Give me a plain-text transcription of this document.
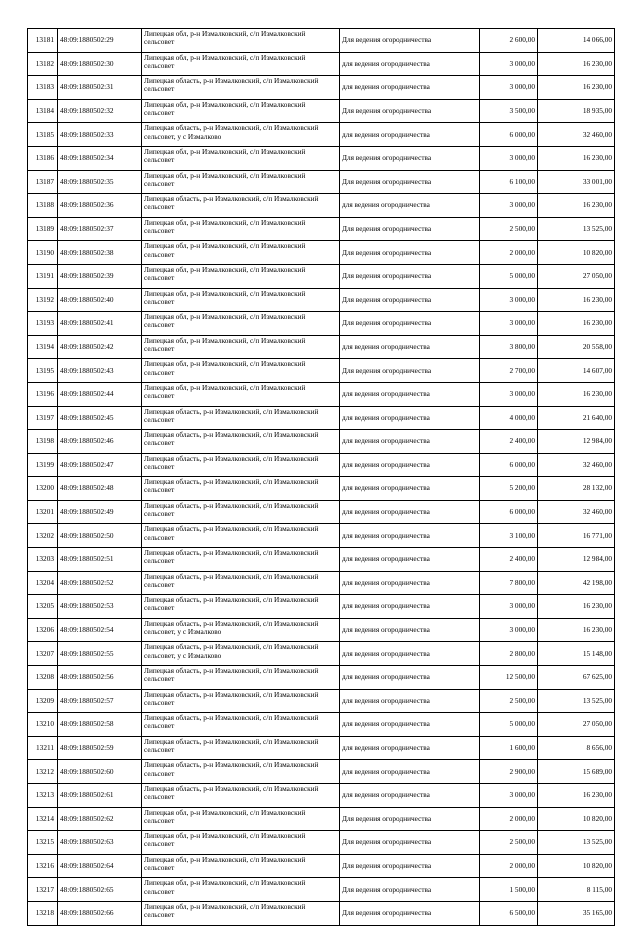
13181	48:09:1880502:29	Липецкая обл, р-н Измалковский, с/п Измалковский сельсовет	Для ведения огородничества	2 600,00	14 066,00
13182	48:09:1880502:30	Липецкая обл, р-н Измалковский, с/п Измалковский сельсовет	для ведения огородничества	3 000,00	16 230,00
13183	48:09:1880502:31	Липецкая область, р-н Измалковский, с/п Измалковский сельсовет	для ведения огородничества	3 000,00	16 230,00
13184	48:09:1880502:32	Липецкая обл, р-н Измалковский, с/п Измалковский сельсовет	Для ведения огородничества	3 500,00	18 935,00
13185	48:09:1880502:33	Липецкая область, р-н Измалковский, с/п Измалковский сельсовет, у с Измалково	для ведения огородничества	6 000,00	32 460,00
13186	48:09:1880502:34	Липецкая обл, р-н Измалковский, с/п Измалковский сельсовет	Для ведения огородничества	3 000,00	16 230,00
13187	48:09:1880502:35	Липецкая обл, р-н Измалковский, с/п Измалковский сельсовет	Для ведения огородничества	6 100,00	33 001,00
13188	48:09:1880502:36	Липецкая область, р-н Измалковский, с/п Измалковский сельсовет	для ведения огородничества	3 000,00	16 230,00
13189	48:09:1880502:37	Липецкая обл, р-н Измалковский, с/п Измалковский сельсовет	Для ведения огородничества	2 500,00	13 525,00
13190	48:09:1880502:38	Липецкая обл, р-н Измалковский, с/п Измалковский сельсовет	Для ведения огородничества	2 000,00	10 820,00
13191	48:09:1880502:39	Липецкая обл, р-н Измалковский, с/п Измалковский сельсовет	Для ведения огородничества	5 000,00	27 050,00
13192	48:09:1880502:40	Липецкая обл, р-н Измалковский, с/п Измалковский сельсовет	Для ведения огородничества	3 000,00	16 230,00
13193	48:09:1880502:41	Липецкая обл, р-н Измалковский, с/п Измалковский сельсовет	Для ведения огородничества	3 000,00	16 230,00
13194	48:09:1880502:42	Липецкая обл, р-н Измалковский, с/п Измалковский сельсовет	для ведения огородничества	3 800,00	20 558,00
13195	48:09:1880502:43	Липецкая обл, р-н Измалковский, с/п Измалковский сельсовет	Для ведения огородничества	2 700,00	14 607,00
13196	48:09:1880502:44	Липецкая обл, р-н Измалковский, с/п Измалковский сельсовет	для ведения огородничества	3 000,00	16 230,00
13197	48:09:1880502:45	Липецкая область, р-н Измалковский, с/п Измалковский сельсовет	для ведения огородничества	4 000,00	21 640,00
13198	48:09:1880502:46	Липецкая область, р-н Измалковский, с/п Измалковский сельсовет	для ведения огородничества	2 400,00	12 984,00
13199	48:09:1880502:47	Липецкая область, р-н Измалковский, с/п Измалковский сельсовет	для ведения огородничества	6 000,00	32 460,00
13200	48:09:1880502:48	Липецкая область, р-н Измалковский, с/п Измалковский сельсовет	для ведения огородничества	5 200,00	28 132,00
13201	48:09:1880502:49	Липецкая область, р-н Измалковский, с/п Измалковский сельсовет	для ведения огородничества	6 000,00	32 460,00
13202	48:09:1880502:50	Липецкая область, р-н Измалковский, с/п Измалковский сельсовет	для ведения огородничества	3 100,00	16 771,00
13203	48:09:1880502:51	Липецкая область, р-н Измалковский, с/п Измалковский сельсовет	для ведения огородничества	2 400,00	12 984,00
13204	48:09:1880502:52	Липецкая область, р-н Измалковский, с/п Измалковский сельсовет	для ведения огородничества	7 800,00	42 198,00
13205	48:09:1880502:53	Липецкая область, р-н Измалковский, с/п Измалковский сельсовет	для ведения огородничества	3 000,00	16 230,00
13206	48:09:1880502:54	Липецкая область, р-н Измалковский, с/п Измалковский сельсовет, у с Измалково	для ведения огородничества	3 000,00	16 230,00
13207	48:09:1880502:55	Липецкая область, р-н Измалковский, с/п Измалковский сельсовет, у с Измалково	для ведения огородничества	2 800,00	15 148,00
13208	48:09:1880502:56	Липецкая область, р-н Измалковский, с/п Измалковский сельсовет	для ведения огородничества	12 500,00	67 625,00
13209	48:09:1880502:57	Липецкая область, р-н Измалковский, с/п Измалковский сельсовет	для ведения огородничества	2 500,00	13 525,00
13210	48:09:1880502:58	Липецкая область, р-н Измалковский, с/п Измалковский сельсовет	для ведения огородничества	5 000,00	27 050,00
13211	48:09:1880502:59	Липецкая область, р-н Измалковский, с/п Измалковский сельсовет	для ведения огородничества	1 600,00	8 656,00
13212	48:09:1880502:60	Липецкая область, р-н Измалковский, с/п Измалковский сельсовет	для ведения огородничества	2 900,00	15 689,00
13213	48:09:1880502:61	Липецкая область, р-н Измалковский, с/п Измалковский сельсовет	для ведения огородничества	3 000,00	16 230,00
13214	48:09:1880502:62	Липецкая обл, р-н Измалковский, с/п Измалковский сельсовет	Для ведения огородничества	2 000,00	10 820,00
13215	48:09:1880502:63	Липецкая обл, р-н Измалковский, с/п Измалковский сельсовет	Для ведения огородничества	2 500,00	13 525,00
13216	48:09:1880502:64	Липецкая обл, р-н Измалковский, с/п Измалковский сельсовет	Для ведения огородничества	2 000,00	10 820,00
13217	48:09:1880502:65	Липецкая обл, р-н Измалковский, с/п Измалковский сельсовет	Для ведения огородничества	1 500,00	8 115,00
13218	48:09:1880502:66	Липецкая обл, р-н Измалковский, с/п Измалковский сельсовет	Для ведения огородничества	6 500,00	35 165,00
